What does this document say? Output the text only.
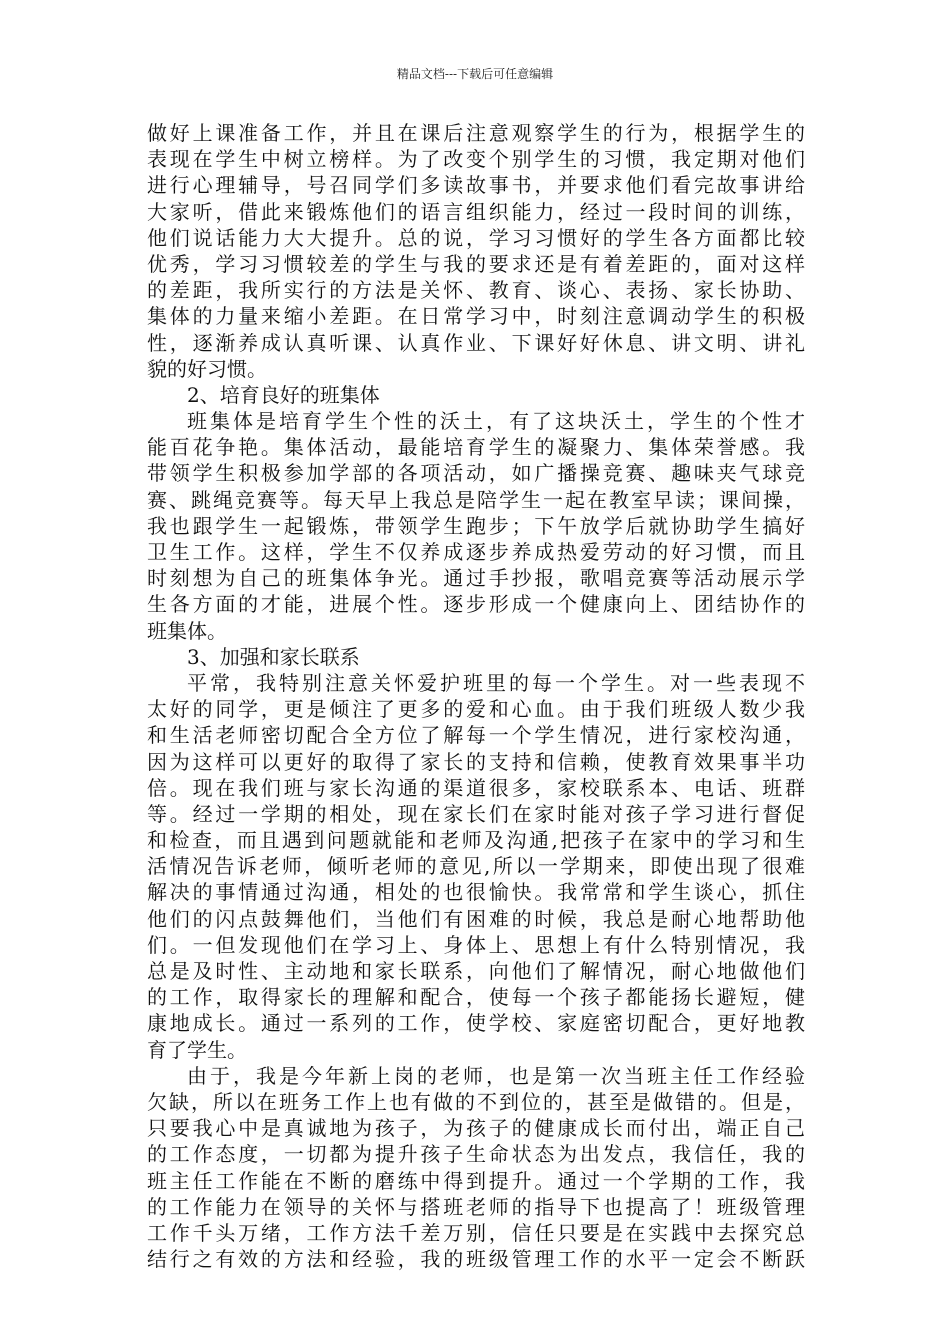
精品文档---下载后可任意编辑
做好上课准备工作，并且在课后注意观察学生的行为，根据学生的
表现在学生中树立榜样。为了改变个别学生的习惯，我定期对他们
进行心理辅导，号召同学们多读故事书，并要求他们看完故事讲给
大家听，借此来锻炼他们的语言组织能力，经过一段时间的训练，
他们说话能力大大提升。总的说，学习习惯好的学生各方面都比较
优秀，学习习惯较差的学生与我的要求还是有着差距的，面对这样
的差距，我所实行的方法是关怀、教育、谈心、表扬、家长协助、
集体的力量来缩小差距。在日常学习中，时刻注意调动学生的积极
性，逐渐养成认真听课、认真作业、下课好好休息、讲文明、讲礼
貌的好习惯。
2、培育良好的班集体
班集体是培育学生个性的沃土，有了这块沃土，学生的个性才
能百花争艳。集体活动，最能培育学生的凝聚力、集体荣誉感。我
带领学生积极参加学部的各项活动，如广播操竞赛、趣味夹气球竞
赛、跳绳竞赛等。每天早上我总是陪学生一起在教室早读；课间操，
我也跟学生一起锻炼，带领学生跑步；下午放学后就协助学生搞好
卫生工作。这样，学生不仅养成逐步养成热爱劳动的好习惯，而且
时刻想为自己的班集体争光。通过手抄报，歌唱竞赛等活动展示学
生各方面的才能，进展个性。逐步形成一个健康向上、团结协作的
班集体。
3、加强和家长联系
平常，我特别注意关怀爱护班里的每一个学生。对一些表现不
太好的同学，更是倾注了更多的爱和心血。由于我们班级人数少我
和生活老师密切配合全方位了解每一个学生情况，进行家校沟通，
因为这样可以更好的取得了家长的支持和信赖，使教育效果事半功
倍。现在我们班与家长沟通的渠道很多，家校联系本、电话、班群
等。经过一学期的相处，现在家长们在家时能对孩子学习进行督促
和检查，而且遇到问题就能和老师及沟通,把孩子在家中的学习和生
活情况告诉老师，倾听老师的意见,所以一学期来，即使出现了很难
解决的事情通过沟通，相处的也很愉快。我常常和学生谈心，抓住
他们的闪点鼓舞他们，当他们有困难的时候，我总是耐心地帮助他
们。一但发现他们在学习上、身体上、思想上有什么特别情况，我
总是及时性、主动地和家长联系，向他们了解情况，耐心地做他们
的工作，取得家长的理解和配合，使每一个孩子都能扬长避短，健
康地成长。通过一系列的工作，使学校、家庭密切配合，更好地教
育了学生。
由于，我是今年新上岗的老师，也是第一次当班主任工作经验
欠缺，所以在班务工作上也有做的不到位的，甚至是做错的。但是，
只要我心中是真诚地为孩子，为孩子的健康成长而付出，端正自己
的工作态度，一切都为提升孩子生命状态为出发点，我信任，我的
班主任工作能在不断的磨练中得到提升。通过一个学期的工作，我
的工作能力在领导的关怀与搭班老师的指导下也提高了！班级管理
工作千头万绪，工作方法千差万别，信任只要是在实践中去探究总
结行之有效的方法和经验，我的班级管理工作的水平一定会不断跃
